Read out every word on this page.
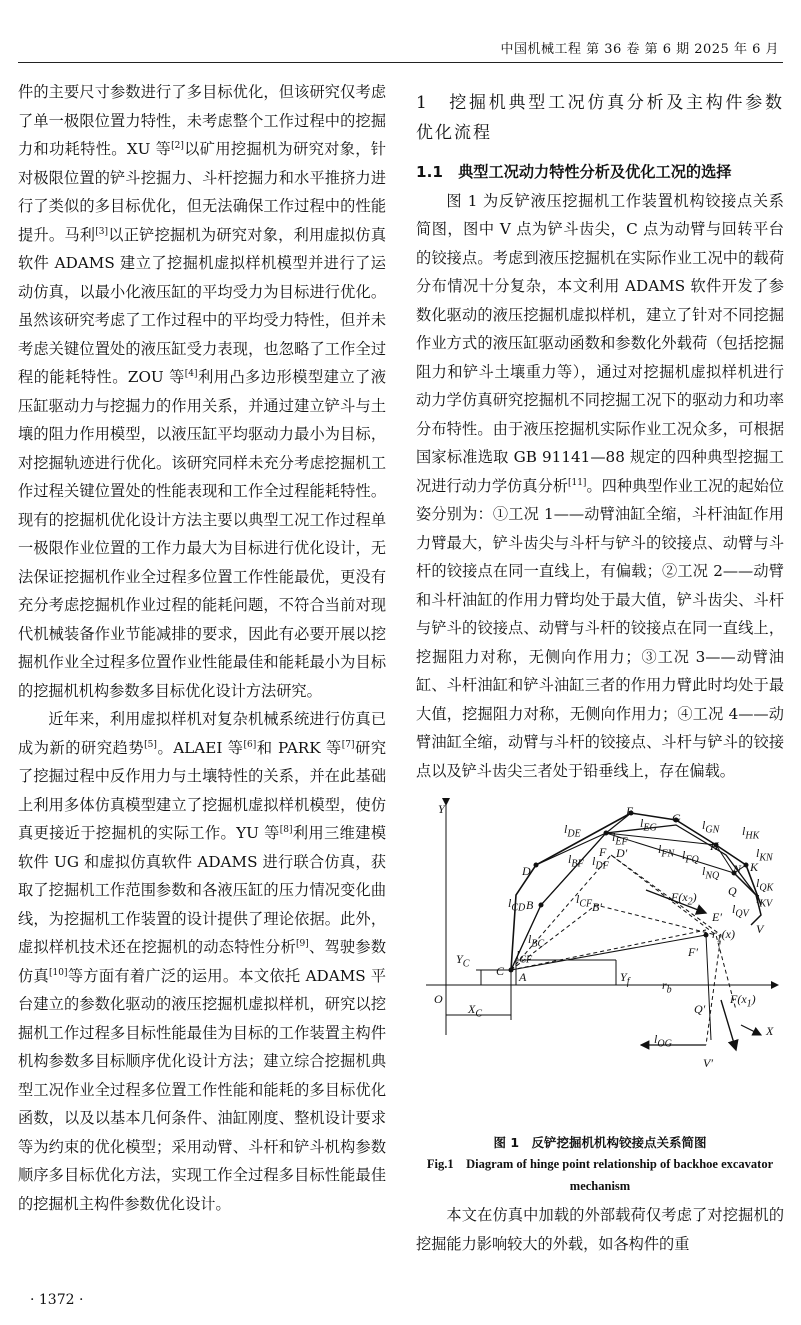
中国机械工程 第 36 卷 第 6 期 2025 年 6 月

件的主要尺寸参数进行了多目标优化，但该研究仅考虑了单一极限位置力特性，未考虑整个工作过程中的挖掘力和功耗特性。XU 等[2]以矿用挖掘机为研究对象，针对极限位置的铲斗挖掘力、斗杆挖掘力和水平推挤力进行了类似的多目标优化，但无法确保工作过程中的性能提升。马利[3]以正铲挖掘机为研究对象，利用虚拟仿真软件 ADAMS 建立了挖掘机虚拟样机模型并进行了运动仿真，以最小化液压缸的平均受力为目标进行优化。虽然该研究考虑了工作过程中的平均受力特性，但并未考虑关键位置处的液压缸受力表现，也忽略了工作全过程的能耗特性。ZOU 等[4]利用凸多边形模型建立了液压缸驱动力与挖掘力的作用关系，并通过建立铲斗与土壤的阻力作用模型，以液压缸平均驱动力最小为目标，对挖掘轨迹进行优化。该研究同样未充分考虑挖掘机工作过程关键位置处的性能表现和工作全过程能耗特性。现有的挖掘机优化设计方法主要以典型工况工作过程单一极限作业位置的工作力最大为目标进行优化设计，无法保证挖掘机作业全过程多位置工作性能最优，更没有充分考虑挖掘机作业过程的能耗问题，不符合当前对现代机械装备作业节能减排的要求，因此有必要开展以挖掘机作业全过程多位置作业性能最佳和能耗最小为目标的挖掘机机构参数多目标优化设计方法研究。

近年来，利用虚拟样机对复杂机械系统进行仿真已成为新的研究趋势[5]。ALAEI 等[6]和 PARK 等[7]研究了挖掘过程中反作用力与土壤特性的关系，并在此基础上利用多体仿真模型建立了挖掘机虚拟样机模型，使仿真更接近于挖掘机的实际工作。YU 等[8]利用三维建模软件 UG 和虚拟仿真软件 ADAMS 进行联合仿真，获取了挖掘机工作范围参数和各液压缸的压力情况变化曲线，为挖掘机工作装置的设计提供了理论依据。此外，虚拟样机技术还在挖掘机的动态特性分析[9]、驾驶参数仿真[10]等方面有着广泛的运用。本文依托 ADAMS 平台建立的参数化驱动的液压挖掘机虚拟样机，研究以挖掘机工作过程多目标性能最佳为目标的工作装置主构件机构参数多目标顺序优化设计方法；建立综合挖掘机典型工况作业全过程多位置工作性能和能耗的多目标优化函数，以及以基本几何条件、油缸刚度、整机设计要求等为约束的优化模型；采用动臂、斗杆和铲斗机构参数顺序多目标优化方法，实现工作全过程多目标性能最佳的挖掘机主构件参数优化设计。

1　挖掘机典型工况仿真分析及主构件参数优化流程
1.1　典型工况动力特性分析及优化工况的选择

图 1 为反铲液压挖掘机工作装置机构铰接点关系简图，图中 V 点为铲斗齿尖，C 点为动臂与回转平台的铰接点。考虑到液压挖掘机在实际作业工况中的载荷分布情况十分复杂，本文利用 ADAMS 软件开发了参数化驱动的液压挖掘机虚拟样机，建立了针对不同挖掘作业方式的液压缸驱动函数和参数化外载荷（包括挖掘阻力和铲斗土壤重力等），通过对挖掘机虚拟样机进行动力学仿真研究挖掘机不同挖掘工况下的驱动力和功率分布特性。由于液压挖掘机实际作业工况众多，可根据国家标准选取 GB 91141—88 规定的四种典型挖掘工况进行动力学仿真分析[11]。四种典型作业工况的起始位姿分别为：①工况 1——动臂油缸全缩，斗杆油缸作用力臂最大，铲斗齿尖与斗杆与铲斗的铰接点、动臂与斗杆的铰接点在同一直线上，有偏载；②工况 2——动臂和斗杆油缸的作用力臂均处于最大值，铲斗齿尖、斗杆与铲斗的铰接点、动臂与斗杆的铰接点在同一直线上，挖掘阻力对称，无侧向作用力；③工况 3——动臂油缸、斗杆油缸和铲斗油缸三者的作用力臂此时均处于最大值，挖掘阻力对称，无侧向作用力；④工况 4——动臂油缸全缩，动臂与斗杆的铰接点、斗杆与铲斗的铰接点以及铲斗齿尖三者处于铅垂线上，存在偏载。

Y
X
O
A
B
C
D
E
F
G
H
K
N
Q
V
D′
B′
E′
F′
Q′
V′
$X_C$
$Y_C$
$Y_f$	$r_b$
$F(x_2)$
$F(x_1)$
$r_1(x)$
$l_{DE}$
$l_{EG}$
$l_{EF}$
$l_{BF}$ $l_{DF}$
$l_{CF}$
$l_{CD}$
$l_{BC}$
$l_{GN}$ $l_{HK}$
$l_{FN}$ $l_{FQ}$	$l_{KN}$
$l_{NQ}$
$l_{QK}$
$l_{QV}$
$l_{KV}$
$l_{CF}$
$l_{OG}$
图 1　反铲挖掘机机构铰接点关系简图
Fig.1　Diagram of hinge point relationship of backhoe excavator mechanism

本文在仿真中加载的外部载荷仅考虑了对挖掘机的挖掘能力影响较大的外载，如各构件的重

· 1372 ·
